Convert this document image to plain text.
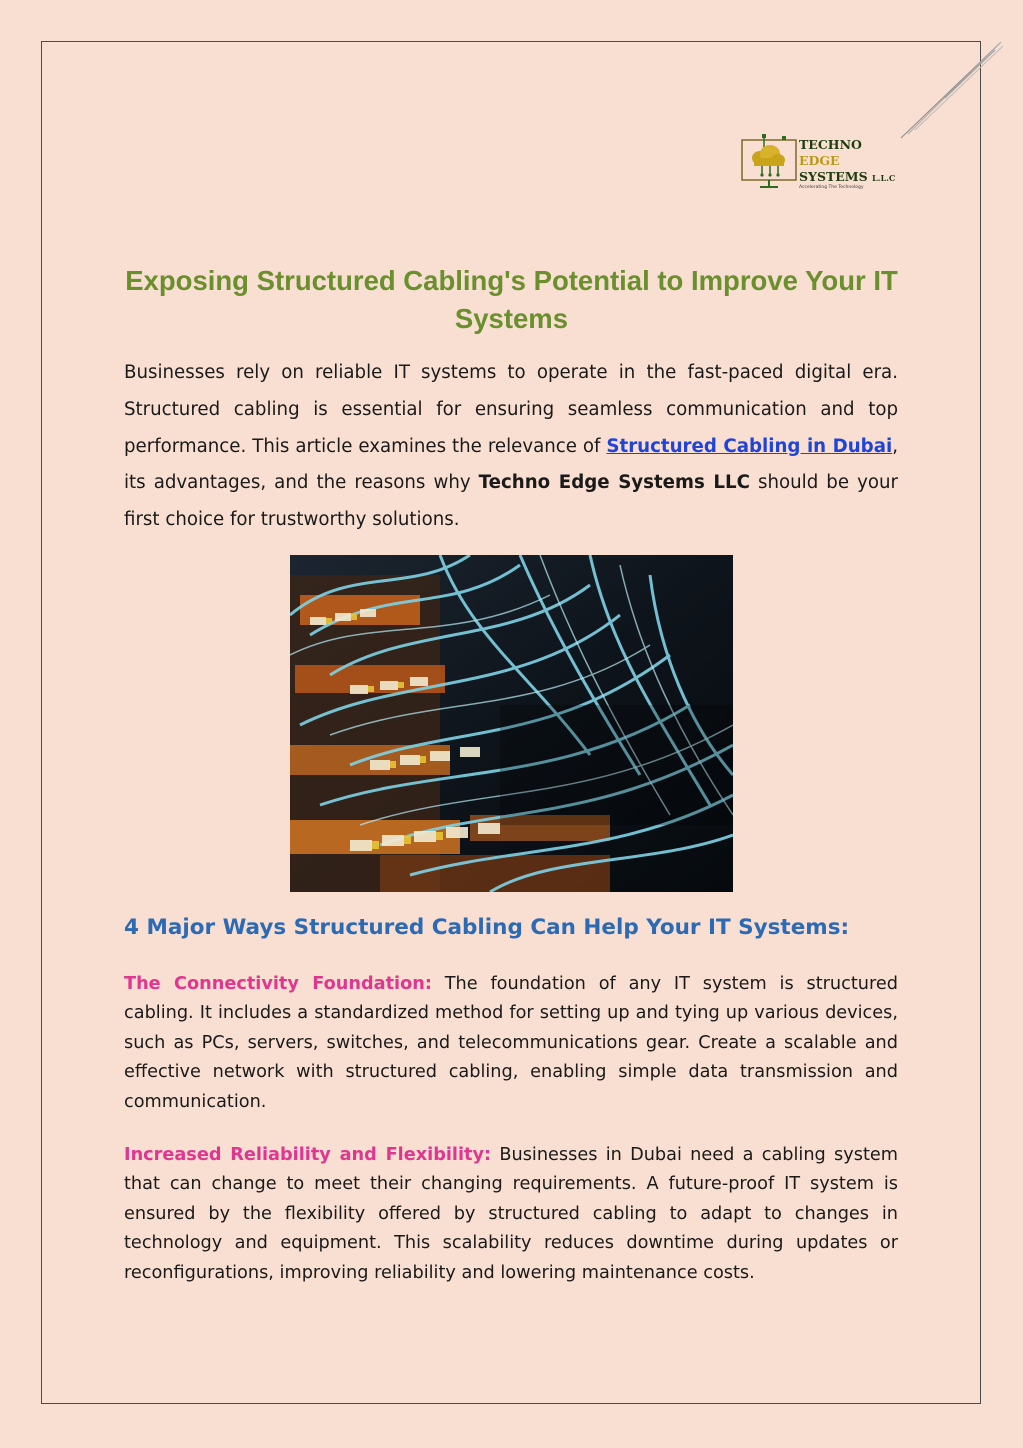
TECHNO
EDGE
SYSTEMS L.L.C
Accelerating The Technology
Exposing Structured Cabling's Potential to Improve Your IT Systems

Businesses rely on reliable IT systems to operate in the fast-paced digital era. Structured cabling is essential for ensuring seamless communication and top performance. This article examines the relevance of Structured Cabling in Dubai, its advantages, and the reasons why Techno Edge Systems LLC should be your first choice for trustworthy solutions.

4 Major Ways Structured Cabling Can Help Your IT Systems:

The Connectivity Foundation: The foundation of any IT system is structured cabling. It includes a standardized method for setting up and tying up various devices, such as PCs, servers, switches, and telecommunications gear. Create a scalable and effective network with structured cabling, enabling simple data transmission and communication.

Increased Reliability and Flexibility: Businesses in Dubai need a cabling system that can change to meet their changing requirements. A future-proof IT system is ensured by the flexibility offered by structured cabling to adapt to changes in technology and equipment. This scalability reduces downtime during updates or reconfigurations, improving reliability and lowering maintenance costs.
